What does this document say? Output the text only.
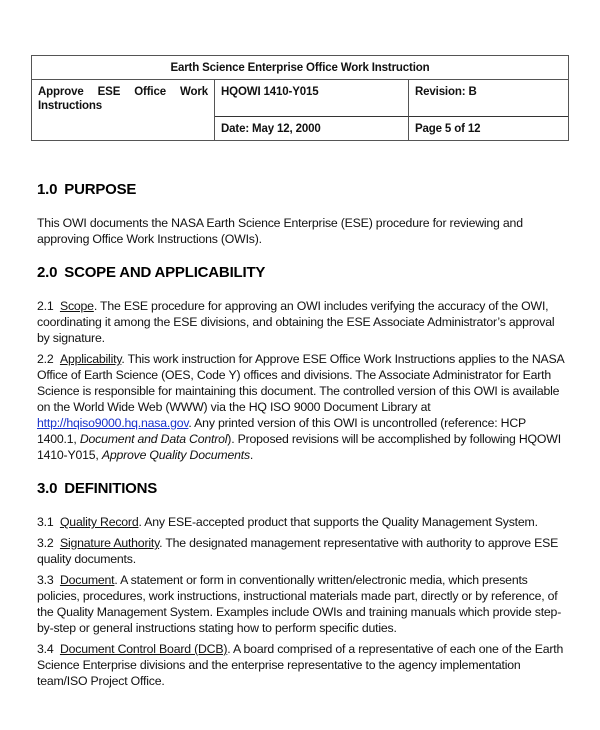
Earth Science Enterprise Office Work Instruction
Approve ESE Office Work
Instructions
HQOWI 1410-Y015	Revision: B
Date: May 12, 2000	Page 5 of 12
1.0 PURPOSE

This OWI documents the NASA Earth Science Enterprise (ESE) procedure for reviewing and approving Office Work Instructions (OWIs).

2.0 SCOPE AND APPLICABILITY

2.1 Scope. The ESE procedure for approving an OWI includes verifying the accuracy of the OWI, coordinating it among the ESE divisions, and obtaining the ESE Associate Administrator’s approval by signature.

2.2 Applicability. This work instruction for Approve ESE Office Work Instructions applies to the NASA Office of Earth Science (OES, Code Y) offices and divisions. The Associate Administrator for Earth Science is responsible for maintaining this document. The controlled version of this OWI is available on the World Wide Web (WWW) via the HQ ISO 9000 Document Library at http://hqiso9000.hq.nasa.gov. Any printed version of this OWI is uncontrolled (reference: HCP 1400.1, Document and Data Control). Proposed revisions will be accomplished by following HQOWI 1410-Y015, Approve Quality Documents.

3.0 DEFINITIONS

3.1 Quality Record. Any ESE-accepted product that supports the Quality Management System.

3.2 Signature Authority. The designated management representative with authority to approve ESE quality documents.

3.3 Document. A statement or form in conventionally written/electronic media, which presents policies, procedures, work instructions, instructional materials made part, directly or by reference, of the Quality Management System. Examples include OWIs and training manuals which provide step-by-step or general instructions stating how to perform specific duties.

3.4 Document Control Board (DCB). A board comprised of a representative of each one of the Earth Science Enterprise divisions and the enterprise representative to the agency implementation team/ISO Project Office.
